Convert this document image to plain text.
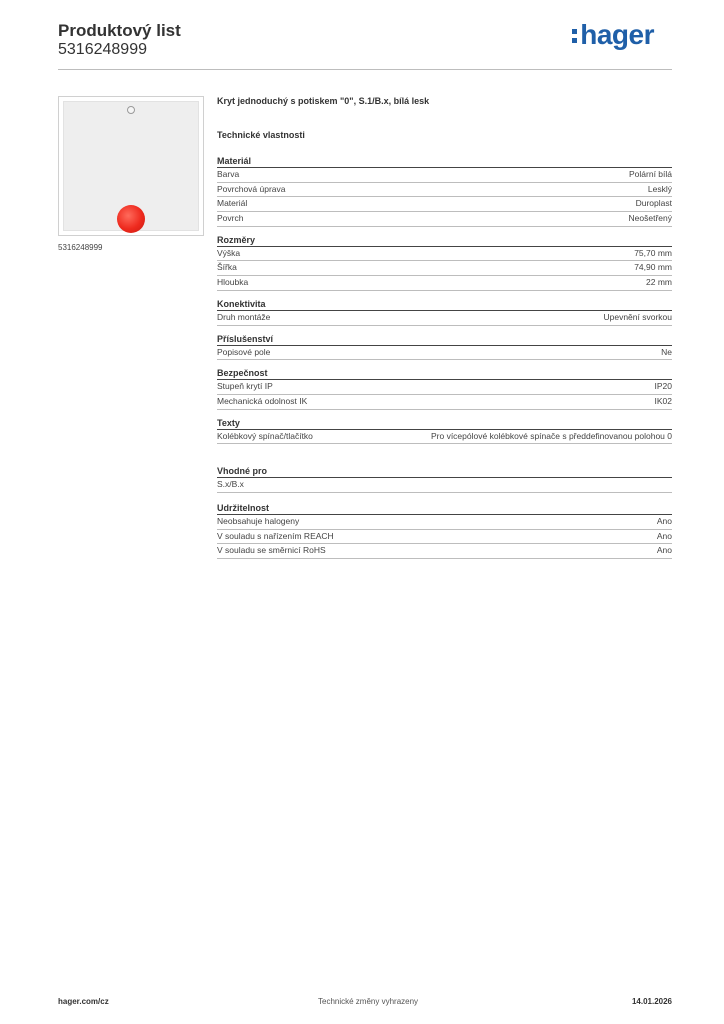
Produktový list
5316248999	hager
5316248999
Kryt jednoduchý s potiskem "0", S.1/B.x, bílá lesk
Technické vlastnosti
Materiál
Barva	Polární bílá
Povrchová úprava	Lesklý
Materiál	Duroplast
Povrch	Neošetřený
Rozměry
Výška	75,70 mm
Šířka	74,90 mm
Hloubka	22 mm
Konektivita
Druh montáže	Upevnění svorkou
Příslušenství
Popisové pole	Ne
Bezpečnost
Stupeň krytí IP	IP20
Mechanická odolnost IK	IK02
Texty
Kolébkový spínač/tlačítko	Pro vícepólové kolébkové spínače s předdefinovanou polohou 0
Vhodné pro
S.x/B.x
Udržitelnost
Neobsahuje halogeny	Ano
V souladu s nařízením REACH	Ano
V souladu se směrnicí RoHS	Ano
hager.com/cz	Technické změny vyhrazeny	14.01.2026
